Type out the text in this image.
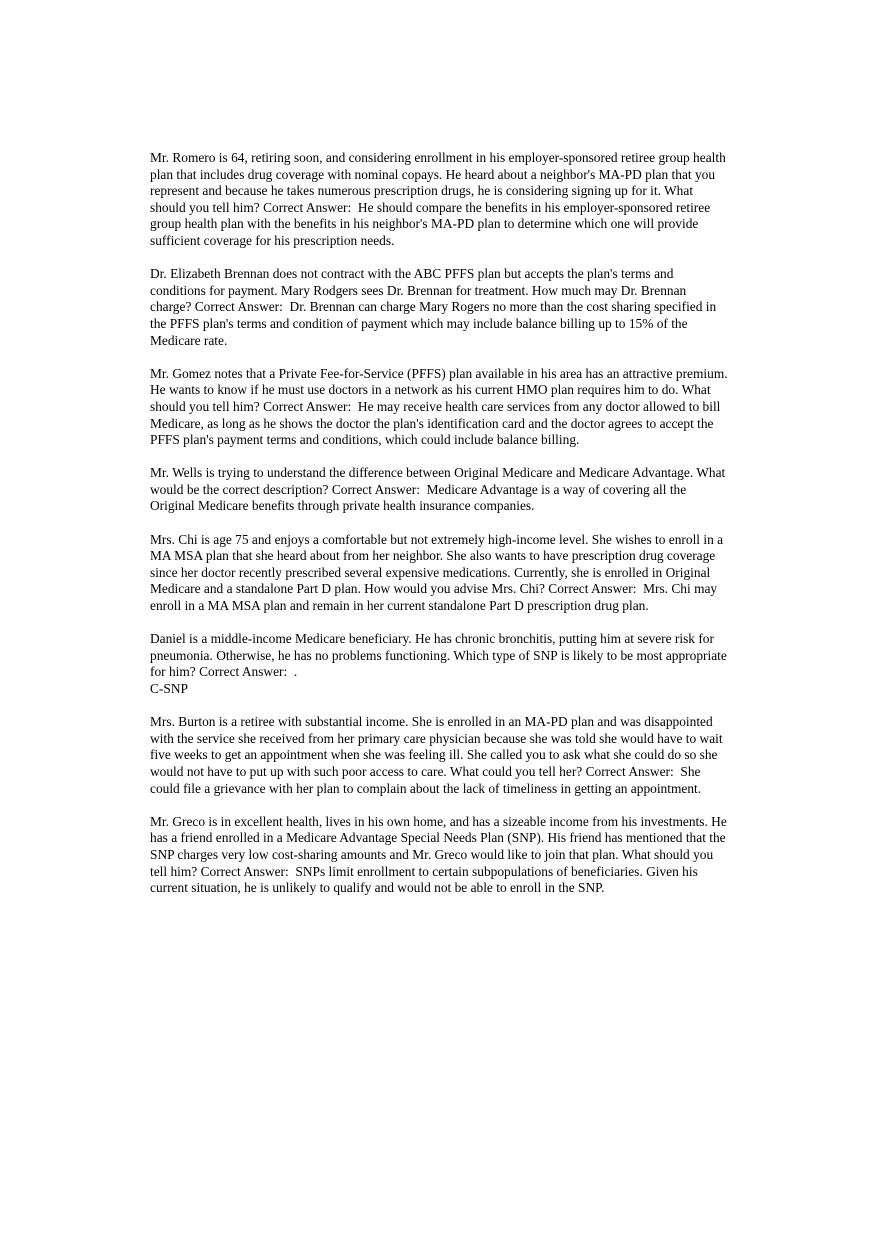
Mr. Romero is 64, retiring soon, and considering enrollment in his employer-sponsored retiree group health plan that includes drug coverage with nominal copays. He heard about a neighbor's MA-PD plan that you represent and because he takes numerous prescription drugs, he is considering signing up for it. What should you tell him? Correct Answer:  He should compare the benefits in his employer-sponsored retiree group health plan with the benefits in his neighbor's MA-PD plan to determine which one will provide sufficient coverage for his prescription needs.

Dr. Elizabeth Brennan does not contract with the ABC PFFS plan but accepts the plan's terms and conditions for payment. Mary Rodgers sees Dr. Brennan for treatment. How much may Dr. Brennan charge? Correct Answer:  Dr. Brennan can charge Mary Rogers no more than the cost sharing specified in the PFFS plan's terms and condition of payment which may include balance billing up to 15% of the Medicare rate.

Mr. Gomez notes that a Private Fee-for-Service (PFFS) plan available in his area has an attractive premium. He wants to know if he must use doctors in a network as his current HMO plan requires him to do. What should you tell him? Correct Answer:  He may receive health care services from any doctor allowed to bill Medicare, as long as he shows the doctor the plan's identification card and the doctor agrees to accept the PFFS plan's payment terms and conditions, which could include balance billing.

Mr. Wells is trying to understand the difference between Original Medicare and Medicare Advantage. What would be the correct description? Correct Answer:  Medicare Advantage is a way of covering all the Original Medicare benefits through private health insurance companies.

Mrs. Chi is age 75 and enjoys a comfortable but not extremely high-income level. She wishes to enroll in a MA MSA plan that she heard about from her neighbor. She also wants to have prescription drug coverage since her doctor recently prescribed several expensive medications. Currently, she is enrolled in Original Medicare and a standalone Part D plan. How would you advise Mrs. Chi? Correct Answer:  Mrs. Chi may enroll in a MA MSA plan and remain in her current standalone Part D prescription drug plan.

Daniel is a middle-income Medicare beneficiary. He has chronic bronchitis, putting him at severe risk for pneumonia. Otherwise, he has no problems functioning. Which type of SNP is likely to be most appropriate for him? Correct Answer:  .
C-SNP

Mrs. Burton is a retiree with substantial income. She is enrolled in an MA-PD plan and was disappointed with the service she received from her primary care physician because she was told she would have to wait five weeks to get an appointment when she was feeling ill. She called you to ask what she could do so she would not have to put up with such poor access to care. What could you tell her? Correct Answer:  She could file a grievance with her plan to complain about the lack of timeliness in getting an appointment.

Mr. Greco is in excellent health, lives in his own home, and has a sizeable income from his investments. He has a friend enrolled in a Medicare Advantage Special Needs Plan (SNP). His friend has mentioned that the SNP charges very low cost-sharing amounts and Mr. Greco would like to join that plan. What should you tell him? Correct Answer:  SNPs limit enrollment to certain subpopulations of beneficiaries. Given his current situation, he is unlikely to qualify and would not be able to enroll in the SNP.
